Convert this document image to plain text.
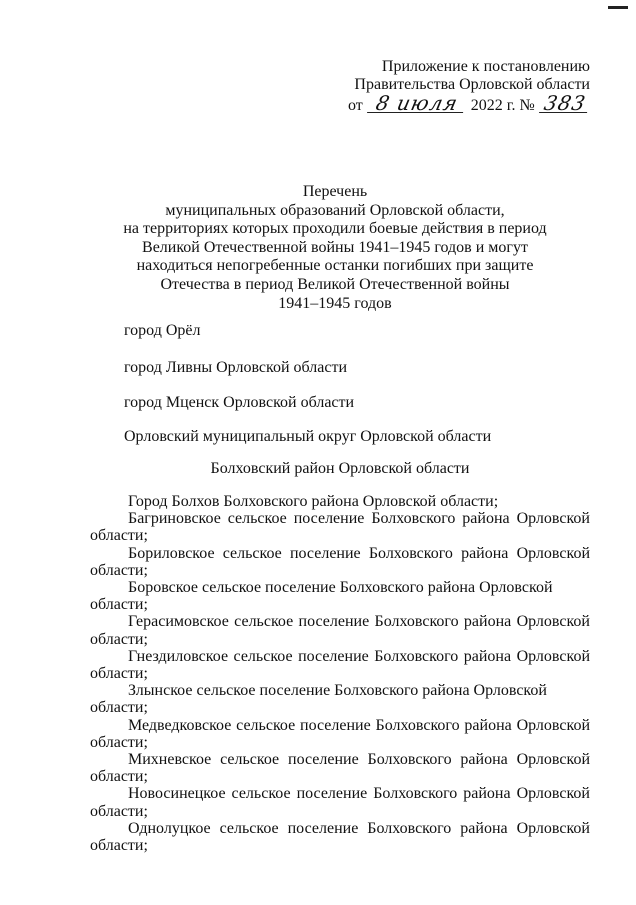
Приложение к постановлению
Правительства Орловской области
от 8 июля 2022 г. № 383
Перечень
муниципальных образований Орловской области,
на территориях которых проходили боевые действия в период
Великой Отечественной войны 1941–1945 годов и могут
находиться непогребенные останки погибших при защите
Отечества в период Великой Отечественной войны
1941–1945 годов
город Орёл
город Ливны Орловской области
город Мценск Орловской области
Орловский муниципальный округ Орловской области
Болховский район Орловской области

Город Болхов Болховского района Орловской области;

Багриновское сельское поселение Болховского района Орловской области;

Бориловское сельское поселение Болховского района Орловской области;

Боровское сельское поселение Болховского района Орловской области;

Герасимовское сельское поселение Болховского района Орловской области;

Гнездиловское сельское поселение Болховского района Орловской области;

Злынское сельское поселение Болховского района Орловской области;

Медведковское сельское поселение Болховского района Орловской области;

Михневское сельское поселение Болховского района Орловской области;

Новосинецкое сельское поселение Болховского района Орловской области;

Однолуцкое сельское поселение Болховского района Орловской области;
